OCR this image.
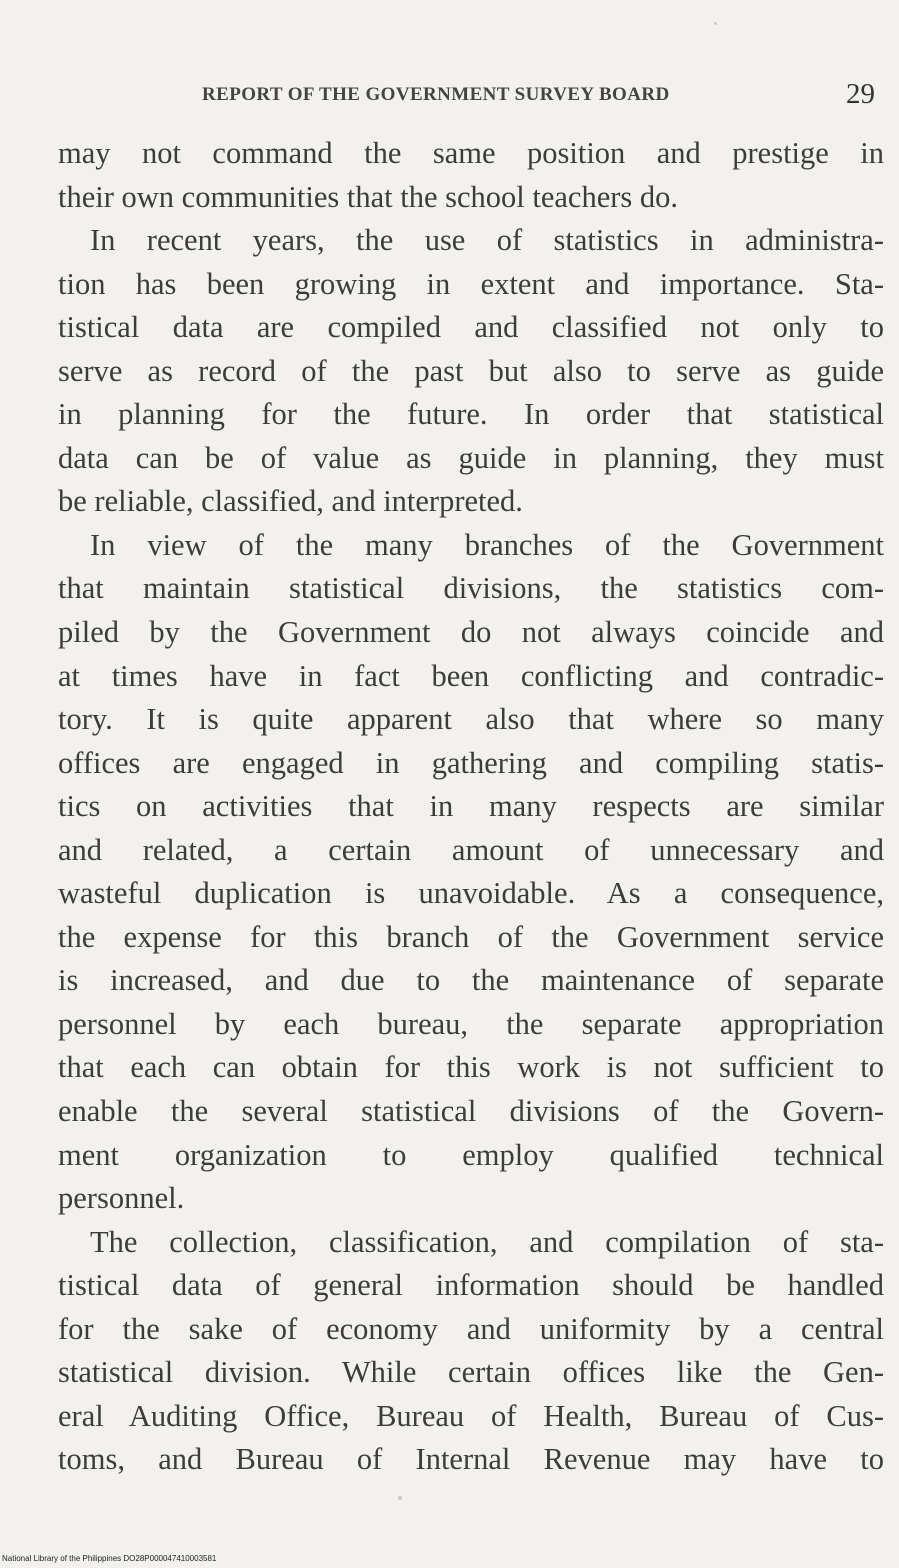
REPORT OF THE GOVERNMENT SURVEY BOARD	29
may not command the same position and prestige in
their own communities that the school teachers do.
In recent years, the use of statistics in administra-
tion has been growing in extent and importance. Sta-
tistical data are compiled and classified not only to
serve as record of the past but also to serve as guide
in planning for the future. In order that statistical
data can be of value as guide in planning, they must
be reliable, classified, and interpreted.
In view of the many branches of the Government
that maintain statistical divisions, the statistics com-
piled by the Government do not always coincide and
at times have in fact been conflicting and contradic-
tory. It is quite apparent also that where so many
offices are engaged in gathering and compiling statis-
tics on activities that in many respects are similar
and related, a certain amount of unnecessary and
wasteful duplication is unavoidable. As a consequence,
the expense for this branch of the Government service
is increased, and due to the maintenance of separate
personnel by each bureau, the separate appropriation
that each can obtain for this work is not sufficient to
enable the several statistical divisions of the Govern-
ment organization to employ qualified technical
personnel.
The collection, classification, and compilation of sta-
tistical data of general information should be handled
for the sake of economy and uniformity by a central
statistical division. While certain offices like the Gen-
eral Auditing Office, Bureau of Health, Bureau of Cus-
toms, and Bureau of Internal Revenue may have to
National Library of the Philippines DO28P000047410003581
